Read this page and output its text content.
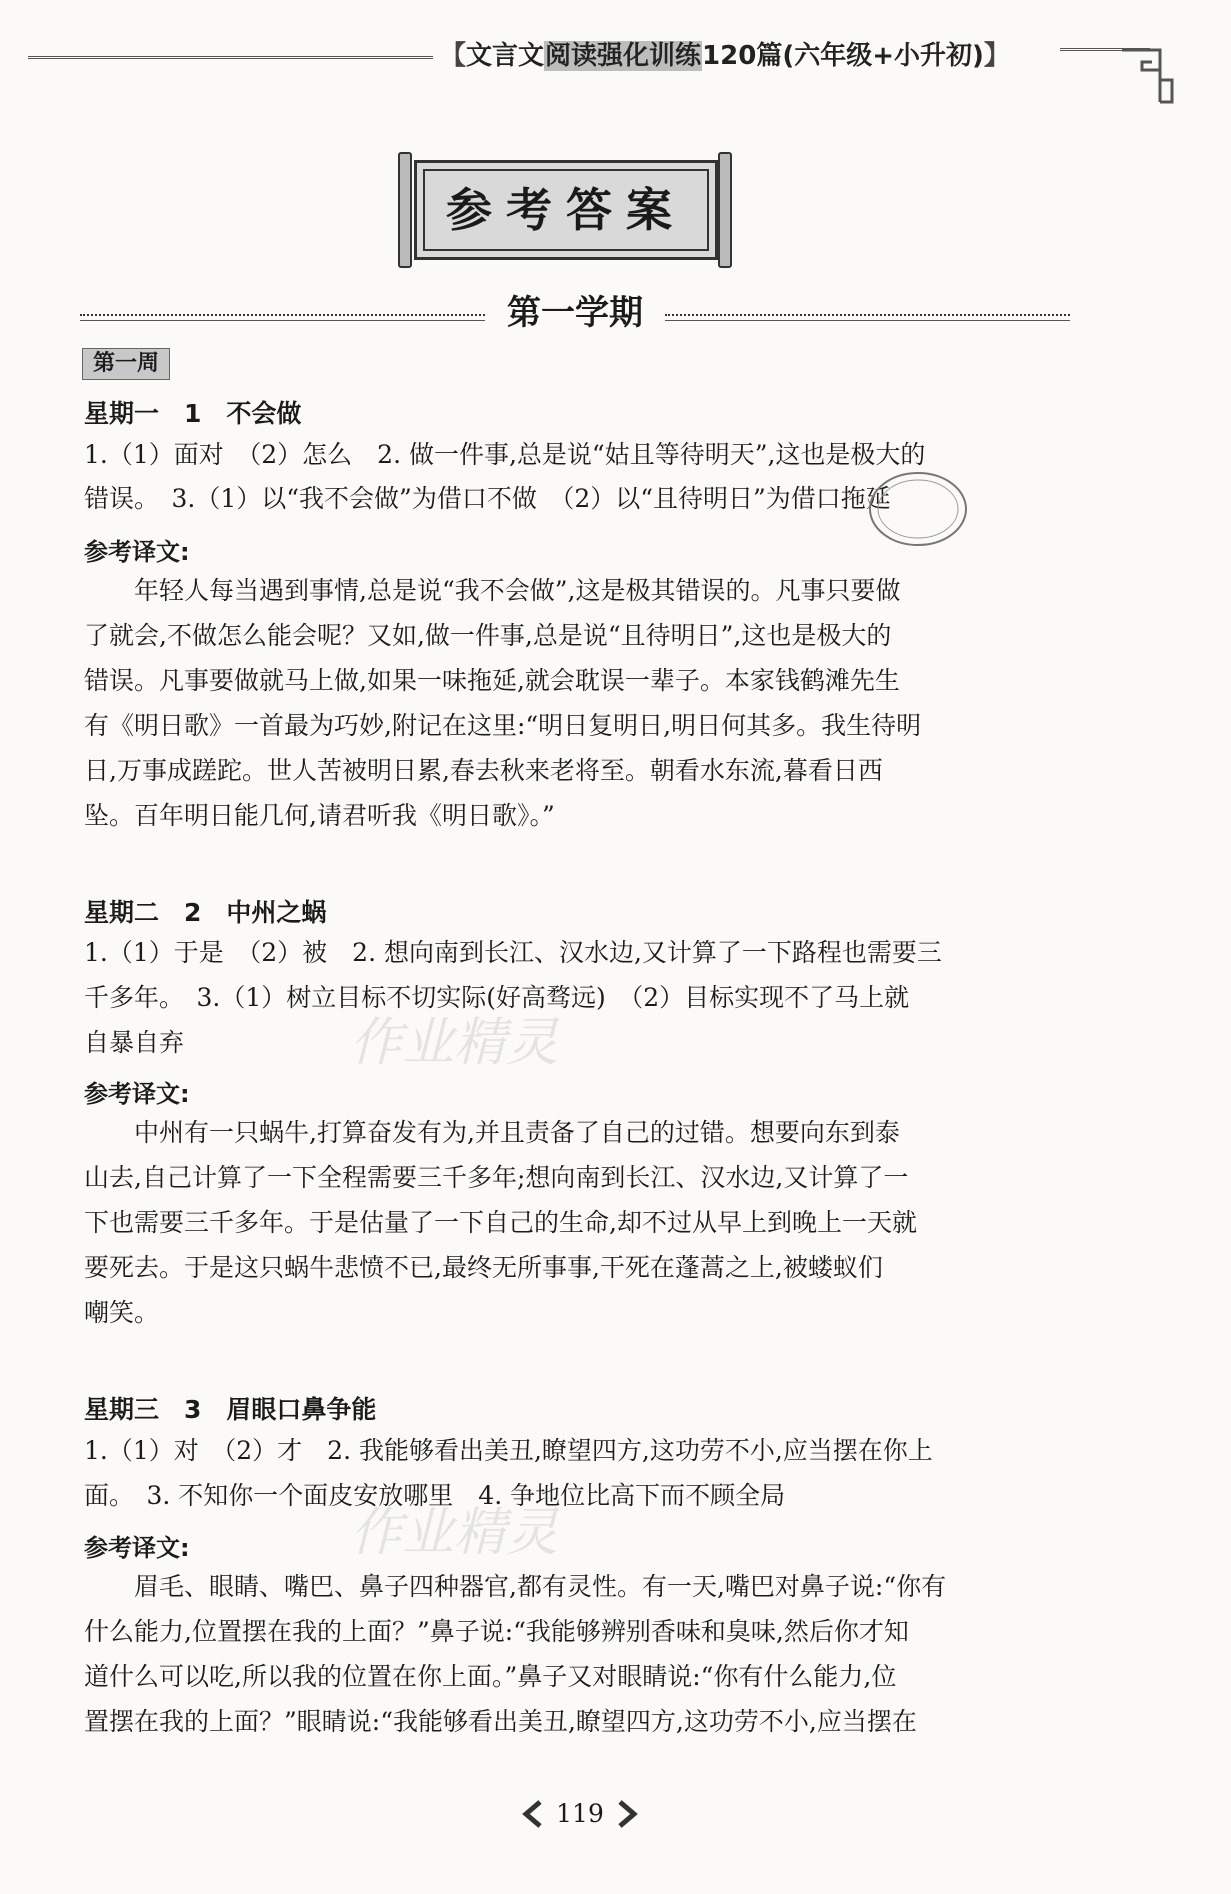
【文言文阅读强化训练120篇(六年级+小升初)】
参考答案
第一学期
第一周
星期一　1　不会做
1.（1）面对　（2）怎么　2. 做一件事,总是说“姑且等待明天”,这也是极大的
错误。　3.（1）以“我不会做”为借口不做　（2）以“且待明日”为借口拖延
参考译文:
　　年轻人每当遇到事情,总是说“我不会做”,这是极其错误的。凡事只要做
了就会,不做怎么能会呢？又如,做一件事,总是说“且待明日”,这也是极大的
错误。凡事要做就马上做,如果一味拖延,就会耽误一辈子。本家钱鹤滩先生
有《明日歌》一首最为巧妙,附记在这里:“明日复明日,明日何其多。我生待明
日,万事成蹉跎。世人苦被明日累,春去秋来老将至。朝看水东流,暮看日西
坠。百年明日能几何,请君听我《明日歌》。”
星期二　2　中州之蜗
1.（1）于是　（2）被　2. 想向南到长江、汉水边,又计算了一下路程也需要三
千多年。　3.（1）树立目标不切实际(好高骛远)　（2）目标实现不了马上就
自暴自弃
参考译文:
　　中州有一只蜗牛,打算奋发有为,并且责备了自己的过错。想要向东到泰
山去,自己计算了一下全程需要三千多年;想向南到长江、汉水边,又计算了一
下也需要三千多年。于是估量了一下自己的生命,却不过从早上到晚上一天就
要死去。于是这只蜗牛悲愤不已,最终无所事事,干死在蓬蒿之上,被蝼蚁们
嘲笑。
作业精灵
星期三　3　眉眼口鼻争能
1.（1）对　（2）才　2. 我能够看出美丑,瞭望四方,这功劳不小,应当摆在你上
面。　3. 不知你一个面皮安放哪里　4. 争地位比高下而不顾全局
参考译文:
　　眉毛、眼睛、嘴巴、鼻子四种器官,都有灵性。有一天,嘴巴对鼻子说:“你有
什么能力,位置摆在我的上面？”鼻子说:“我能够辨别香味和臭味,然后你才知
道什么可以吃,所以我的位置在你上面。”鼻子又对眼睛说:“你有什么能力,位
置摆在我的上面？”眼睛说:“我能够看出美丑,瞭望四方,这功劳不小,应当摆在
作业精灵
119
